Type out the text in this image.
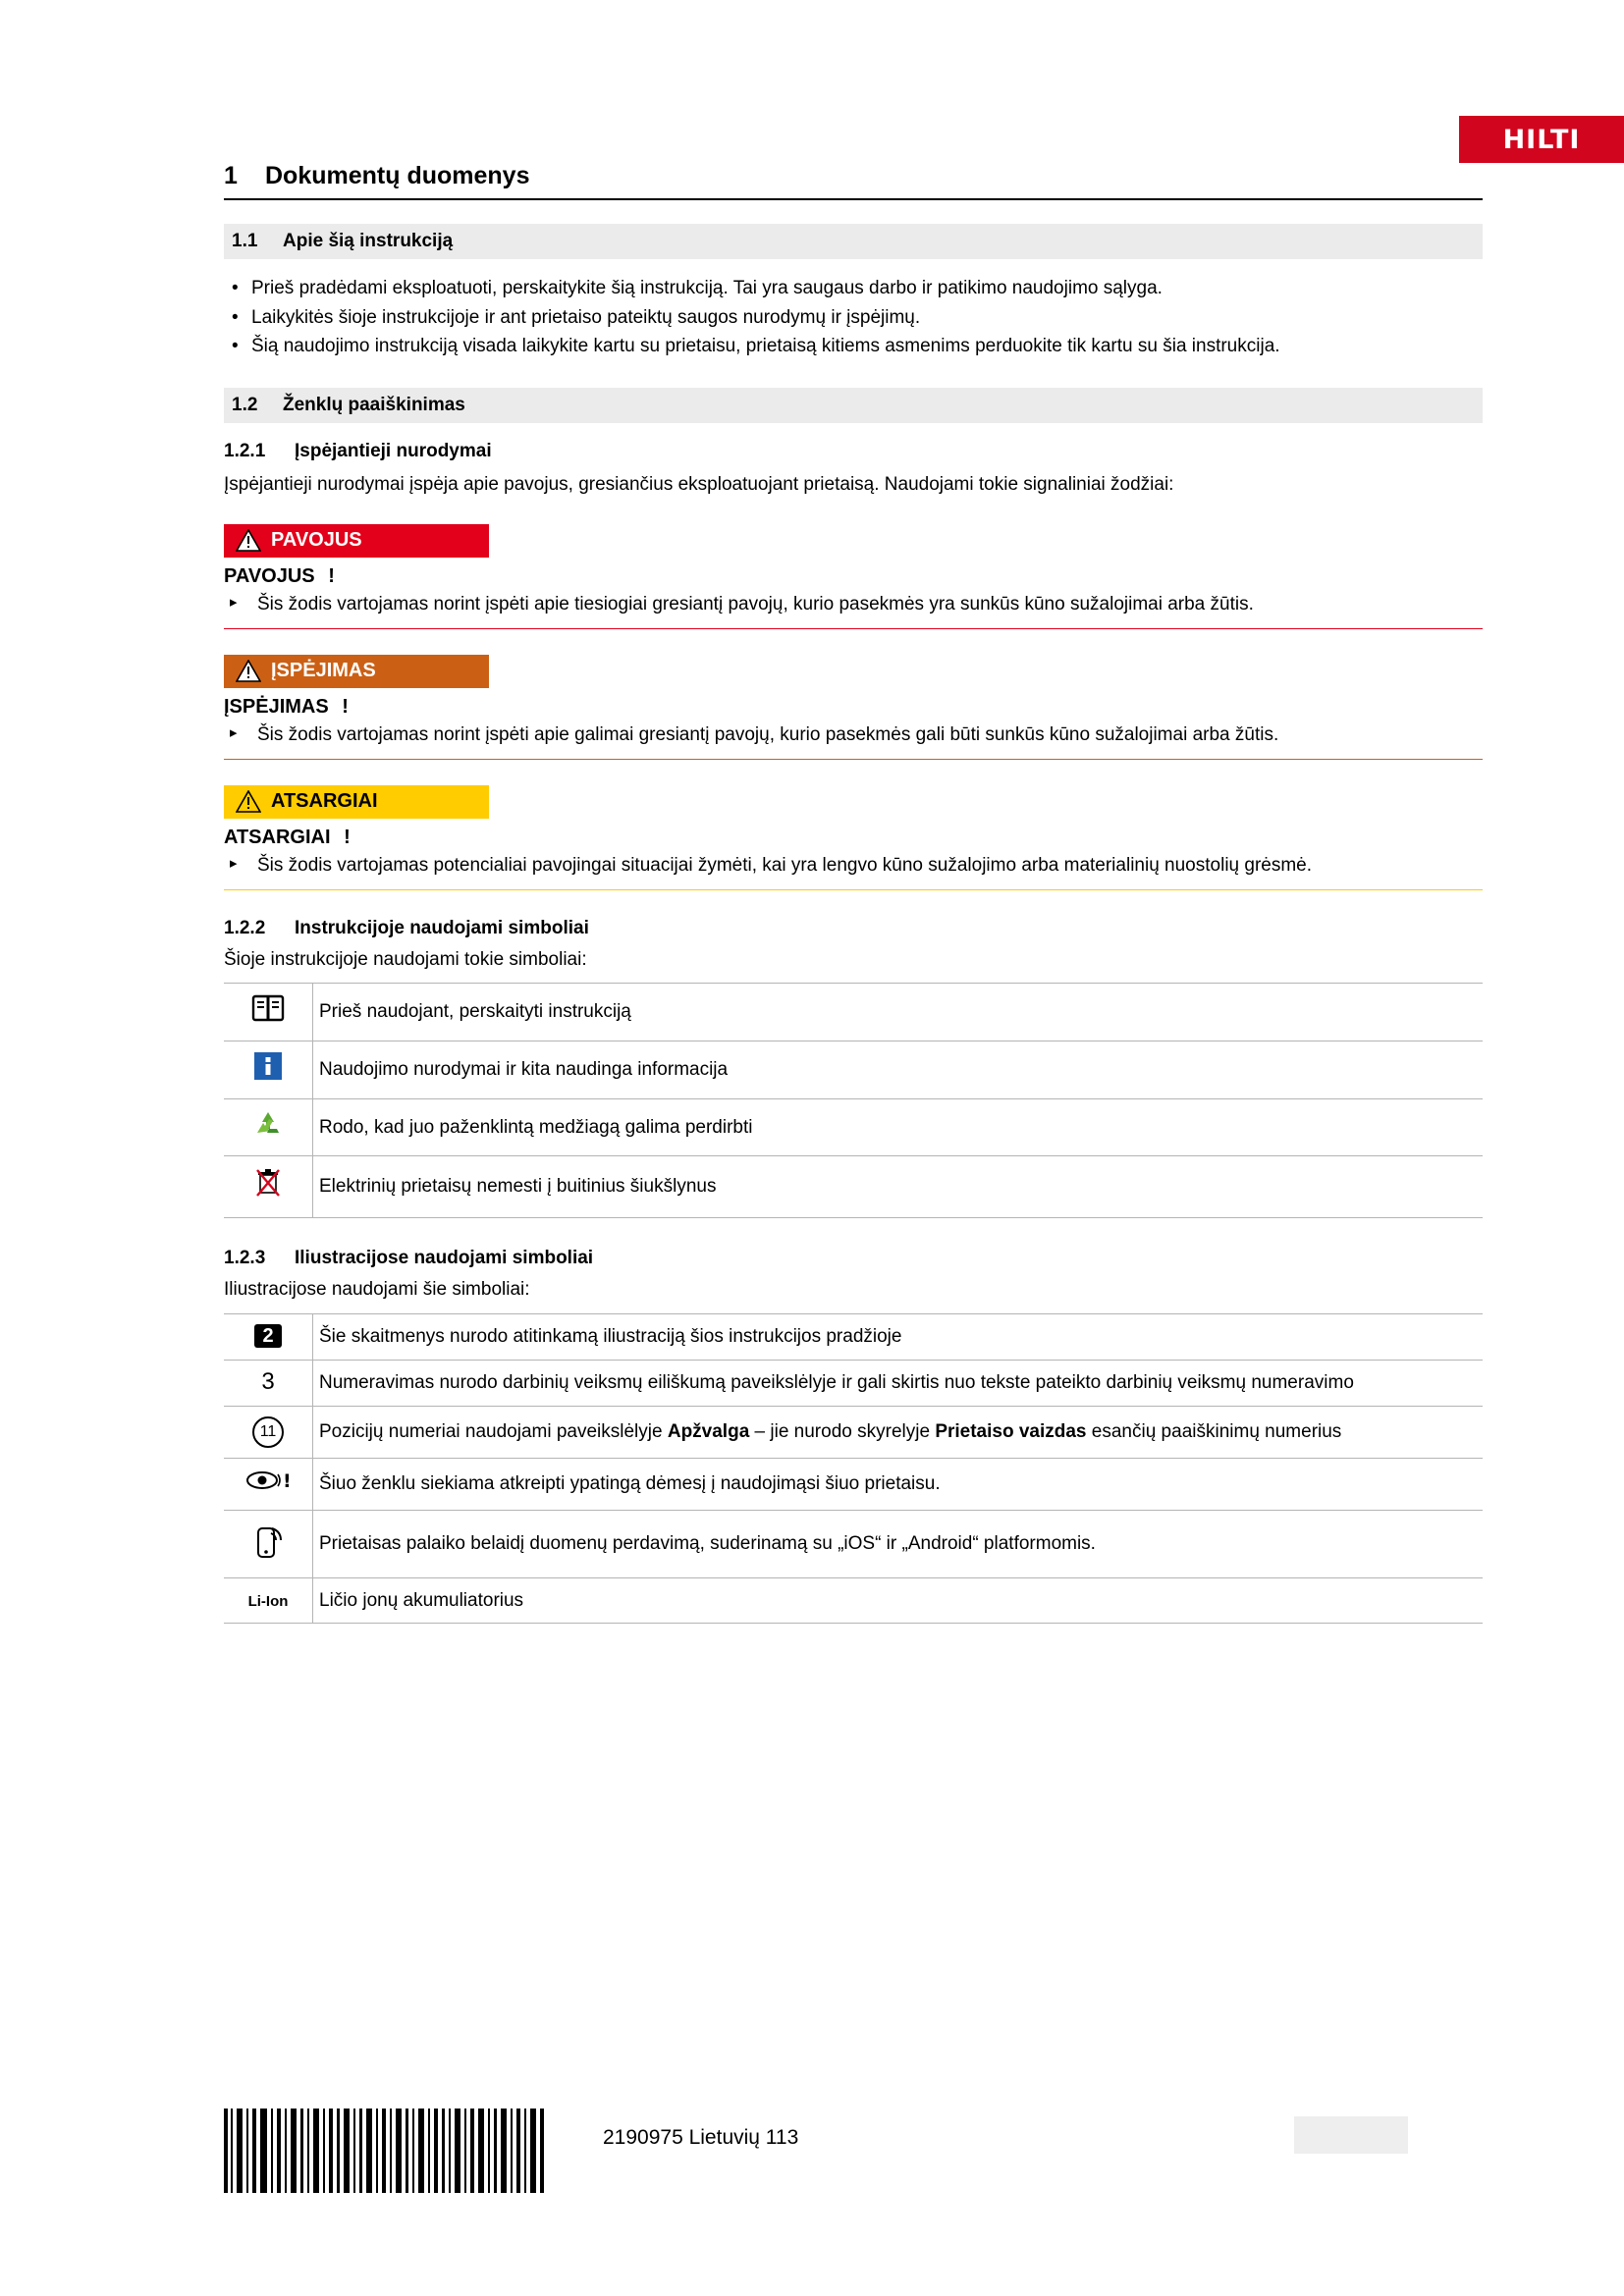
HILTI
1 Dokumentų duomenys
1.1 Apie šią instrukciją
• Prieš pradėdami eksploatuoti, perskaitykite šią instrukciją. Tai yra saugaus darbo ir patikimo naudojimo sąlyga.
• Laikykitės šioje instrukcijoje ir ant prietaiso pateiktų saugos nurodymų ir įspėjimų.
• Šią naudojimo instrukciją visada laikykite kartu su prietaisu, prietaisą kitiems asmenims perduokite tik kartu su šia instrukcija.
1.2 Ženklų paaiškinimas
1.2.1 Įspėjantieji nurodymai

Įspėjantieji nurodymai įspėja apie pavojus, gresiančius eksploatuojant prietaisą. Naudojami tokie signaliniai žodžiai:

PAVOJUS
PAVOJUS !
▸ Šis žodis vartojamas norint įspėti apie tiesiogiai gresiantį pavojų, kurio pasekmės yra sunkūs kūno sužalojimai arba žūtis.
ĮSPĖJIMAS
ĮSPĖJIMAS !
▸ Šis žodis vartojamas norint įspėti apie galimai gresiantį pavojų, kurio pasekmės gali būti sunkūs kūno sužalojimai arba žūtis.
ATSARGIAI
ATSARGIAI !
▸ Šis žodis vartojamas potencialiai pavojingai situacijai žymėti, kai yra lengvo kūno sužalojimo arba materialinių nuostolių grėsmė.
1.2.2 Instrukcijoje naudojami simboliai

Šioje instrukcijoje naudojami tokie simboliai:

	Prieš naudojant, perskaityti instrukciją
	Naudojimo nurodymai ir kita naudinga informacija
	Rodo, kad juo paženklintą medžiagą galima perdirbti
	Elektrinių prietaisų nemesti į buitinius šiukšlynus
1.2.3 Iliustracijose naudojami simboliai

Iliustracijose naudojami šie simboliai:

2	Šie skaitmenys nurodo atitinkamą iliustraciją šios instrukcijos pradžioje
3	Numeravimas nurodo darbinių veiksmų eiliškumą paveikslėlyje ir gali skirtis nuo tekste pateikto darbinių veiksmų numeravimo
11	Pozicijų numeriai naudojami paveikslėlyje Apžvalga – jie nurodo skyrelyje Prietaiso vaizdas esančių paaiškinimų numerius

!	Šiuo ženklu siekiama atkreipti ypatingą dėmesį į naudojimąsi šiuo prietaisu.
	Prietaisas palaiko belaidį duomenų perdavimą, suderinamą su „iOS“ ir „Android“ platformomis.
Li-Ion	Ličio jonų akumuliatorius
2190975 Lietuvių 113
